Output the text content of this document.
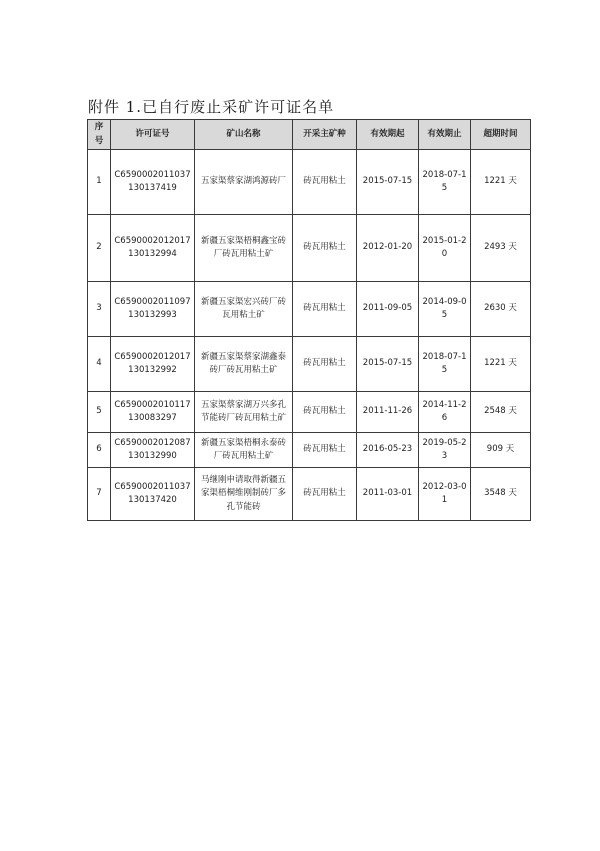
附件 1.已自行废止采矿许可证名单
序号	许可证号	矿山名称	开采主矿种	有效期起	有效期止	超期时间
1	C6590002011037130137419	五家渠蔡家湖鸿源砖厂	砖瓦用粘土	2015-07-15	2018-07-15	1221 天
2	C6590002012017130132994	新疆五家渠梧桐鑫宝砖厂砖瓦用粘土矿	砖瓦用粘土	2012-01-20	2015-01-20	2493 天
3	C6590002011097130132993	新疆五家渠宏兴砖厂砖瓦用粘土矿	砖瓦用粘土	2011-09-05	2014-09-05	2630 天
4	C6590002012017130132992	新疆五家渠蔡家湖鑫泰砖厂砖瓦用粘土矿	砖瓦用粘土	2015-07-15	2018-07-15	1221 天
5	C6590002010117130083297	五家渠蔡家湖万兴多孔节能砖厂砖瓦用粘土矿	砖瓦用粘土	2011-11-26	2014-11-26	2548 天
6	C6590002012087130132990	新疆五家渠梧桐永泰砖厂砖瓦用粘土矿	砖瓦用粘土	2016-05-23	2019-05-23	909 天
7	C6590002011037130137420	马继刚申请取得新疆五家渠梧桐维刚制砖厂多孔节能砖	砖瓦用粘土	2011-03-01	2012-03-01	3548 天
